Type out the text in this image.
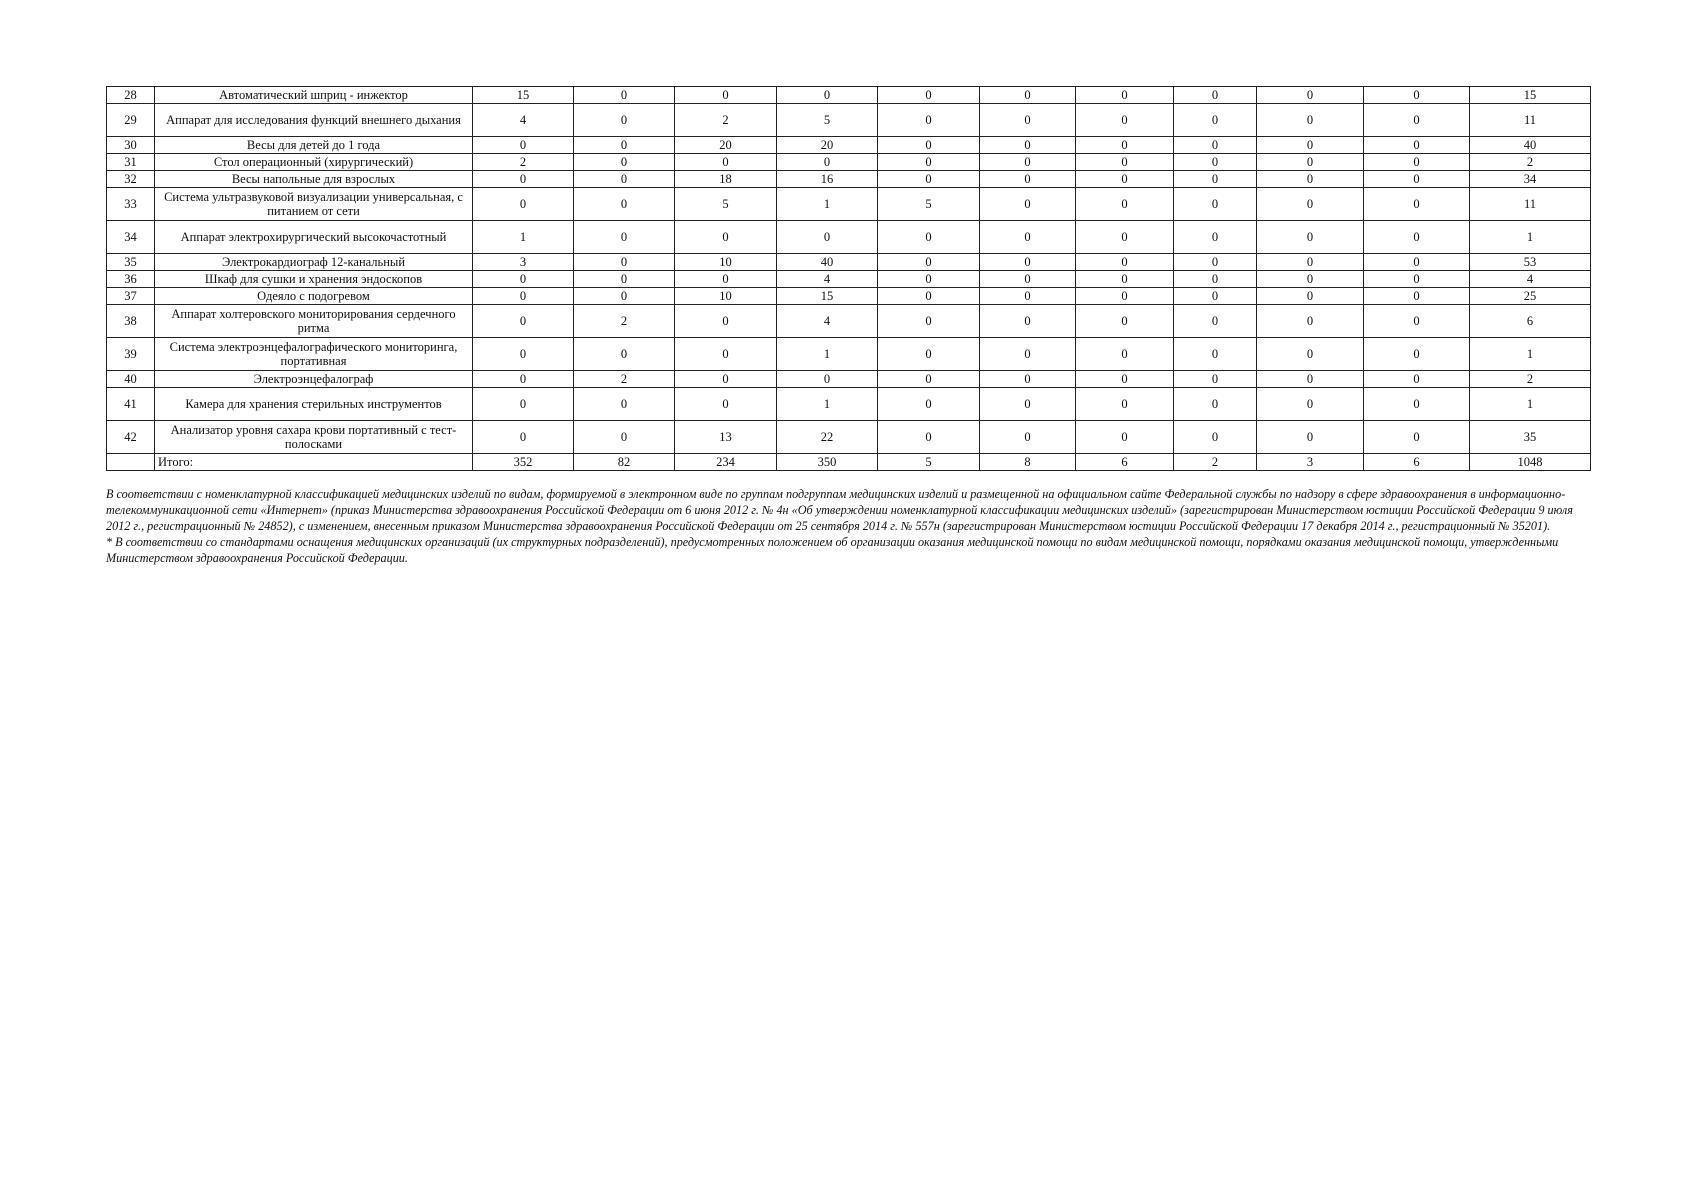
28	Автоматический шприц - инжектор	15	0	0	0	0	0	0	0	0	0	15
29	Аппарат для исследования функций внешнего дыхания	4	0	2	5	0	0	0	0	0	0	11
30	Весы для детей до 1 года	0	0	20	20	0	0	0	0	0	0	40
31	Стол операционный (хирургический)	2	0	0	0	0	0	0	0	0	0	2
32	Весы напольные для взрослых	0	0	18	16	0	0	0	0	0	0	34
33	Система ультразвуковой визуализации универсальная, с питанием от сети	0	0	5	1	5	0	0	0	0	0	11
34	Аппарат электрохирургический высокочастотный	1	0	0	0	0	0	0	0	0	0	1
35	Электрокардиограф 12-канальный	3	0	10	40	0	0	0	0	0	0	53
36	Шкаф для сушки и хранения эндоскопов	0	0	0	4	0	0	0	0	0	0	4
37	Одеяло с подогревом	0	0	10	15	0	0	0	0	0	0	25
38	Аппарат холтеровского мониторирования сердечного ритма	0	2	0	4	0	0	0	0	0	0	6
39	Система электроэнцефалографического мониторинга, портативная	0	0	0	1	0	0	0	0	0	0	1
40	Электроэнцефалограф	0	2	0	0	0	0	0	0	0	0	2
41	Камера для хранения стерильных инструментов	0	0	0	1	0	0	0	0	0	0	1
42	Анализатор уровня сахара крови портативный с тест-полосками	0	0	13	22	0	0	0	0	0	0	35
	Итого:	352	82	234	350	5	8	6	2	3	6	1048

В соответствии с номенклатурной классификацией медицинских изделий по видам, формируемой в электронном виде по группам подгруппам медицинских изделий и размещенной на официальном сайте Федеральной службы по надзору в сфере здравоохранения в информационно-телекоммуникационной сети «Интернет» (приказ Министерства здравоохранения Российской Федерации от 6 июня 2012 г. № 4н «Об утверждении номенклатурной классификации медицинских изделий» (зарегистрирован Министерством юстиции Российской Федерации 9 июля 2012 г., регистрационный № 24852), с изменением, внесенным приказом Министерства здравоохранения Российской Федерации от 25 сентября 2014 г. № 557н (зарегистрирован Министерством юстиции Российской Федерации 17 декабря 2014 г., регистрационный № 35201).

* В соответствии со стандартами оснащения медицинских организаций (их структурных подразделений), предусмотренных положением об организации оказания медицинской помощи по видам медицинской помощи, порядками оказания медицинской помощи, утвержденными Министерством здравоохранения Российской Федерации.
